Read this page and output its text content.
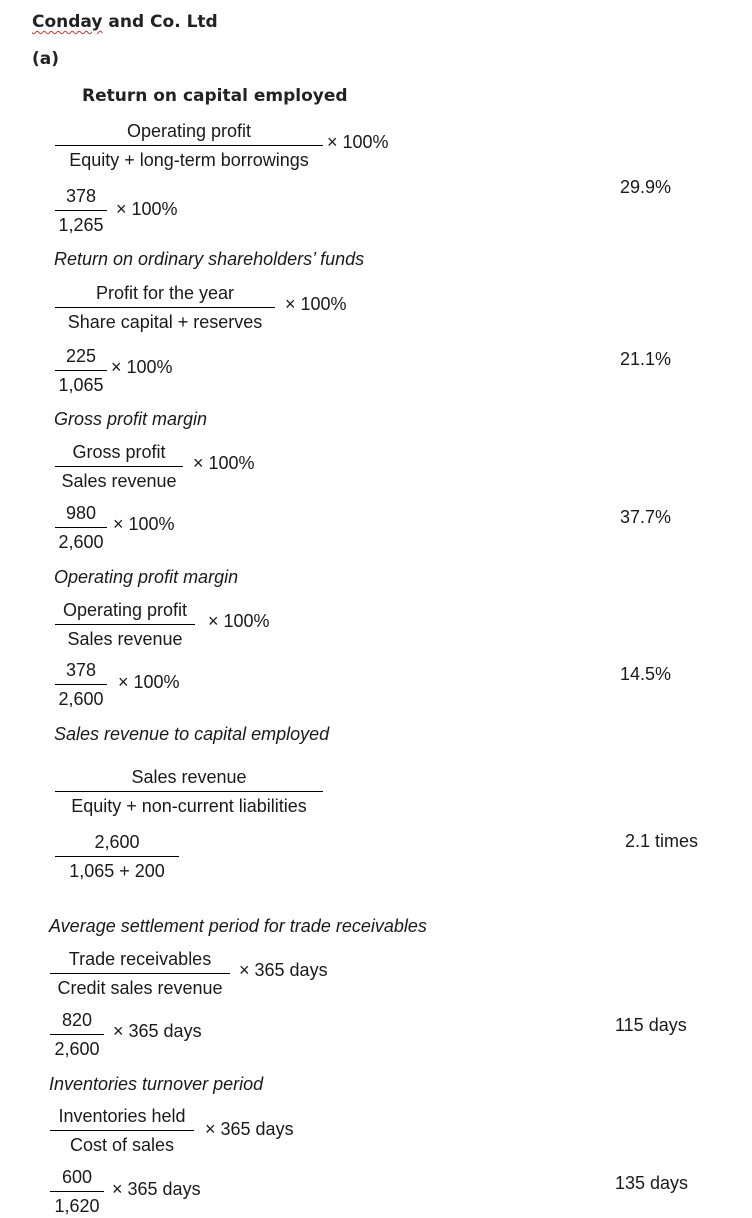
Conday and Co. Ltd
(a)
Return on capital employed
Operating profit
Equity + long-term borrowings
× 100%
378
1,265
× 100%
29.9%
Return on ordinary shareholders’ funds
Profit for the year
Share capital + reserves
× 100%
225
1,065
× 100%	21.1%
Gross profit margin
Gross profit
Sales revenue
× 100%
980
2,600
× 100%	37.7%
Operating profit margin
Operating profit
Sales revenue
× 100%
378
2,600
× 100%	14.5%
Sales revenue to capital employed
Sales revenue
Equity + non-current liabilities
2,600
1,065 + 200
2.1 times
Average settlement period for trade receivables
Trade receivables
Credit sales revenue
× 365 days
820
2,600
× 365 days	115 days
Inventories turnover period
Inventories held
Cost of sales
× 365 days
600
1,620
× 365 days	135 days
